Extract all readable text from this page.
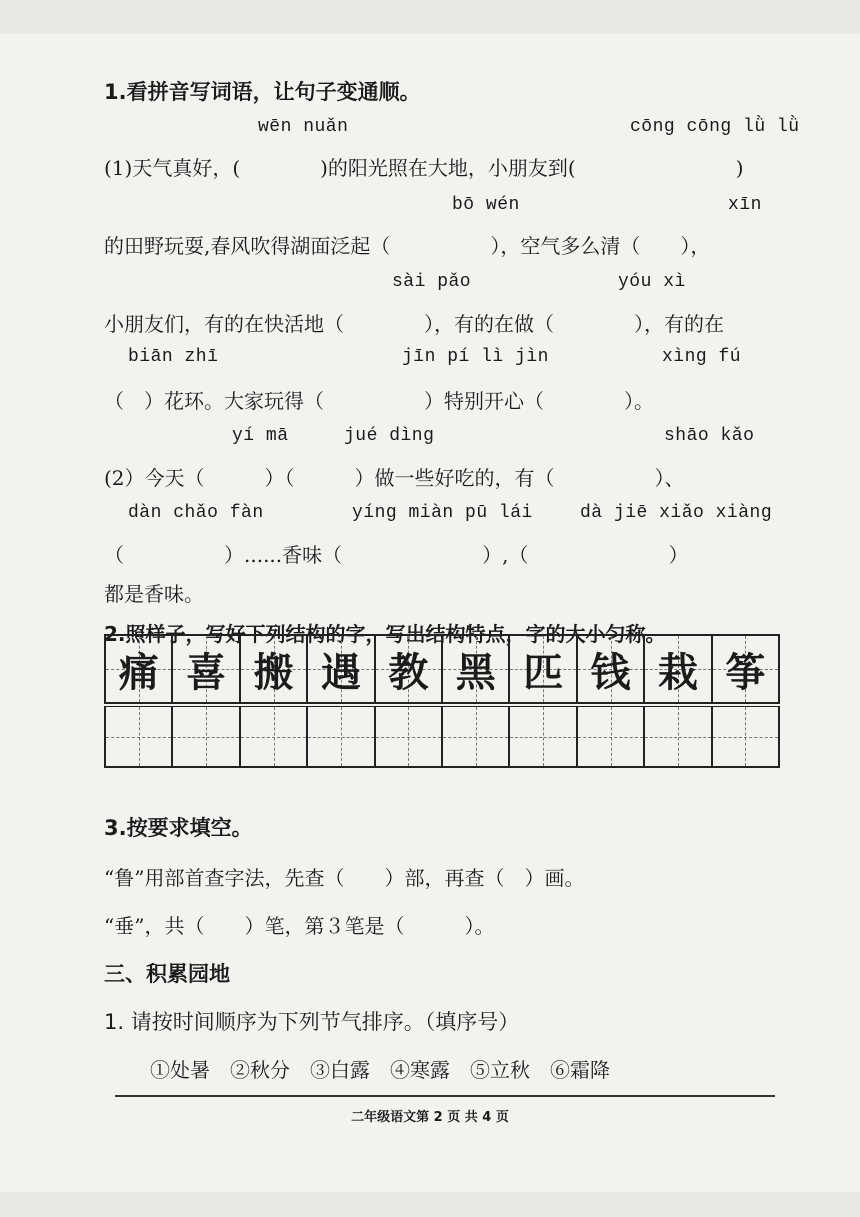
1.看拼音写词语，让句子变通顺。
wēn nuǎn	cōng cōng lǜ lǜ
(1)天气真好，(　　　　)的阳光照在大地，小朋友到(　　　　　　　　)
bō wén	xīn
的田野玩耍,春风吹得湖面泛起（　　　　　），空气多么清（　　），
sài pǎo	yóu xì
小朋友们，有的在快活地（　　　　），有的在做（　　　　），有的在
biān zhī	jīn pí lì jìn	xìng fú
（　）花环。大家玩得（　　　　　）特别开心（　　　　）。
yí mā	jué dìng	shāo kǎo
(2）今天（　　　）（　　　）做一些好吃的，有（　　　　　）、
dàn chǎo fàn	yíng miàn pū lái	dà jiē xiǎo xiàng
（　　　　　）......香味（　　　　　　　）,（　　　　　　　）
都是香味。
2.照样子，写好下列结构的字，写出结构特点，字的大小匀称。
痛 喜 搬 遇 教 黑 匹 钱 栽 筝
3.按要求填空。
“鲁”用部首查字法，先查（　　）部，再查（　）画。
“垂”，共（　　）笔，第３笔是（　　　）。
三、积累园地
1. 请按时间顺序为下列节气排序。（填序号）
①处暑　②秋分　③白露　④寒露　⑤立秋　⑥霜降
二年级语文第 2 页 共 4 页
